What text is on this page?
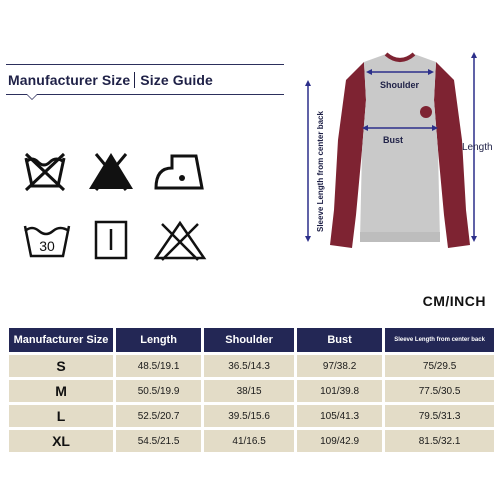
Manufacturer Size Size Guide
30
Shoulder
Bust
Length
Sleeve Length from center back
CM/INCH
Manufacturer Size	Length	Shoulder	Bust	Sleeve Length from center back
S	48.5/19.1	36.5/14.3	97/38.2	75/29.5
M	50.5/19.9	38/15	101/39.8	77.5/30.5
L	52.5/20.7	39.5/15.6	105/41.3	79.5/31.3
XL	54.5/21.5	41/16.5	109/42.9	81.5/32.1
